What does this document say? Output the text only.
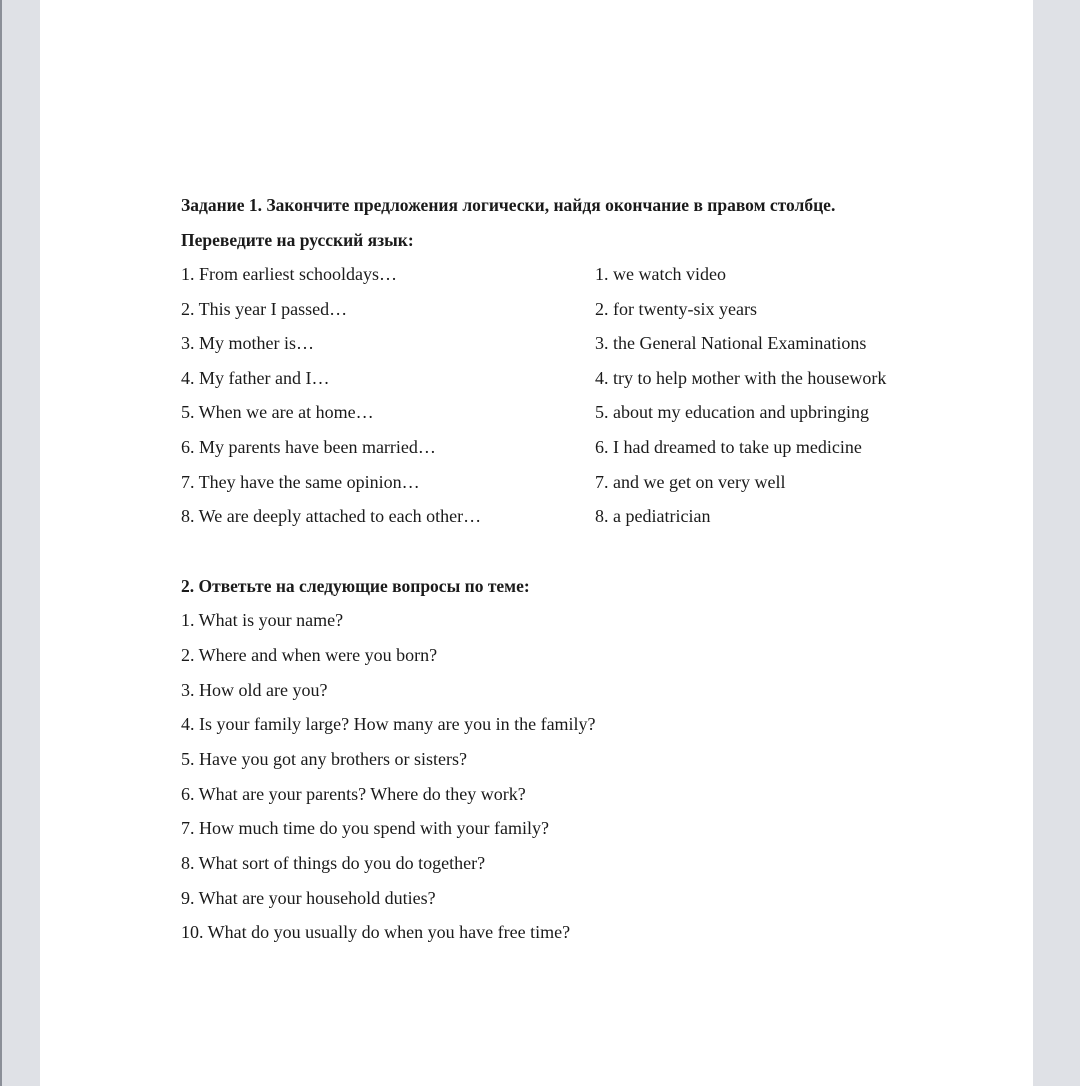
Задание 1. Закончите предложения логически, найдя окончание в правом столбце.
Переведите на русский язык:
1. From earliest schooldays…	1. we watch video
2. This year I passed…	2. for twenty-six years
3. My mother is…	3. the General National Examinations
4. My father and I…	4. try to help мother with the housework
5. When we are at home…	5. about my education and upbringing
6. My parents have been married…	6. I had dreamed to take up medicine
7. They have the same opinion…	7. and we get on very well
8. We are deeply attached to each other…	8. a pediatrician
2. Ответьте на следующие вопросы по теме:
1. What is your name?
2. Where and when were you born?
3. How old are you?
4. Is your family large? How many are you in the family?
5. Have you got any brothers or sisters?
6. What are your parents? Where do they work?
7. How much time do you spend with your family?
8. What sort of things do you do together?
9. What are your household duties?
10. What do you usually do when you have free time?
